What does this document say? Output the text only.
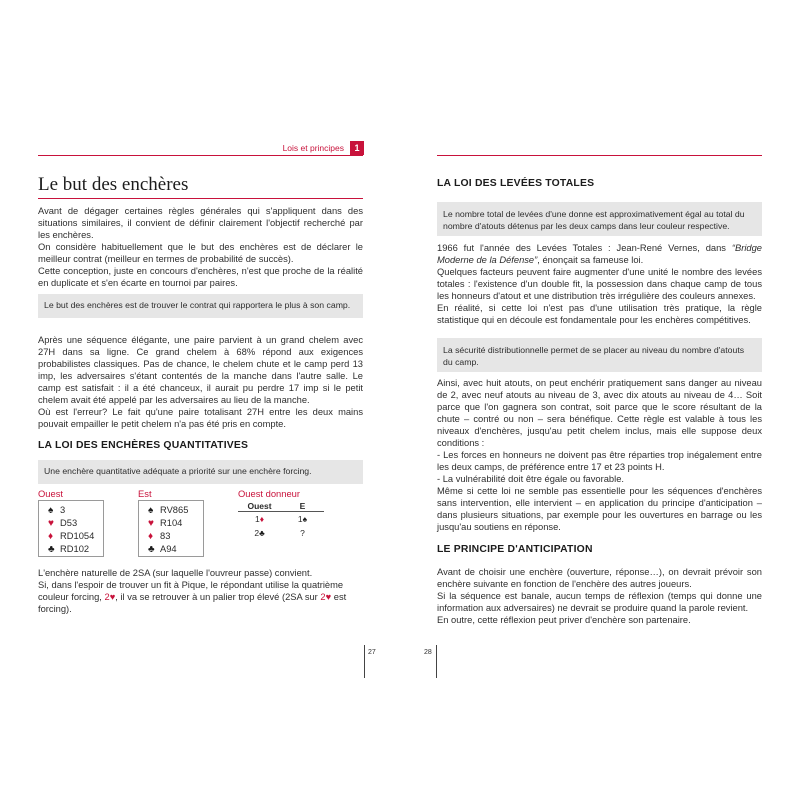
Lois et principes	1
Le but des enchères

Avant de dégager certaines règles générales qui s'appliquent dans des situations similaires, il convient de définir clairement l'objectif recherché par les enchères.

On considère habituellement que le but des enchères est de déclarer le meilleur contrat (meilleur en termes de probabilité de succès).

Cette conception, juste en concours d'enchères, n'est que proche de la réalité en duplicate et s'en écarte en tournoi par paires.

Le but des enchères est de trouver le contrat qui rapportera le plus à son camp.

Après une séquence élégante, une paire parvient à un grand chelem avec 27H dans sa ligne. Ce grand chelem à 68% répond aux exigences probabilistes classiques. Pas de chance, le chelem chute et le camp perd 13 imp, les adversaires s'étant contentés de la manche dans l'autre salle. Le camp est satisfait : il a été chanceux, il aurait pu perdre 17 imp si le petit chelem avait été appelé par les adversaires au lieu de la manche.

Où est l'erreur? Le fait qu'une paire totalisant 27H entre les deux mains pouvait empailler le petit chelem n'a pas été pris en compte.

LA LOI DES ENCHÈRES QUANTITATIVES
Une enchère quantitative adéquate a priorité sur une enchère forcing.
Ouest
♠ 3
♥ D53
♦ RD1054
♣ RD102
Est
♠ RV865
♥ R104
♦ 83
♣ A94
Ouest donneur
Ouest	E
1♦	1♠
2♣	?

L'enchère naturelle de 2SA (sur laquelle l'ouvreur passe) convient.

Si, dans l'espoir de trouver un fit à Pique, le répondant utilise la quatrième couleur forcing, 2♥, il va se retrouver à un palier trop élevé (2SA sur 2♥ est forcing).

27
LA LOI DES LEVÉES TOTALES
Le nombre total de levées d'une donne est approximativement égal au total du nombre d'atouts détenus par les deux camps dans leur couleur respective.

1966 fut l'année des Levées Totales : Jean-René Vernes, dans “Bridge Moderne de la Défense”, énonçait sa fameuse loi.

Quelques facteurs peuvent faire augmenter d'une unité le nombre des levées totales : l'existence d'un double fit, la possession dans chaque camp de tous les honneurs d'atout et une distribution très irrégulière des couleurs annexes.

En réalité, si cette loi n'est pas d'une utilisation très pratique, la règle statistique qui en découle est fondamentale pour les enchères compétitives.

La sécurité distributionnelle permet de se placer au niveau du nombre d'atouts du camp.

Ainsi, avec huit atouts, on peut enchérir pratiquement sans danger au niveau de 2, avec neuf atouts au niveau de 3, avec dix atouts au niveau de 4… Soit parce que l'on gagnera son contrat, soit parce que le score résultant de la chute – contré ou non – sera bénéfique. Cette règle est valable à tous les niveaux d'enchères, jusqu'au petit chelem inclus, mais elle suppose deux conditions :

- Les forces en honneurs ne doivent pas être réparties trop inégalement entre les deux camps, de préférence entre 17 et 23 points H.

- La vulnérabilité doit être égale ou favorable.

Même si cette loi ne semble pas essentielle pour les séquences d'enchères sans intervention, elle intervient – en application du principe d'anticipation – dans plusieurs situations, par exemple pour les ouvertures en barrage ou les jusqu'au soutiens en réponse.

LE PRINCIPE D'ANTICIPATION

Avant de choisir une enchère (ouverture, réponse…), on devrait prévoir son enchère suivante en fonction de l'enchère des autres joueurs.

Si la séquence est banale, aucun temps de réflexion (temps qui donne une information aux adversaires) ne devrait se produire quand la parole revient.

En outre, cette réflexion peut priver d'enchère son partenaire.

28
